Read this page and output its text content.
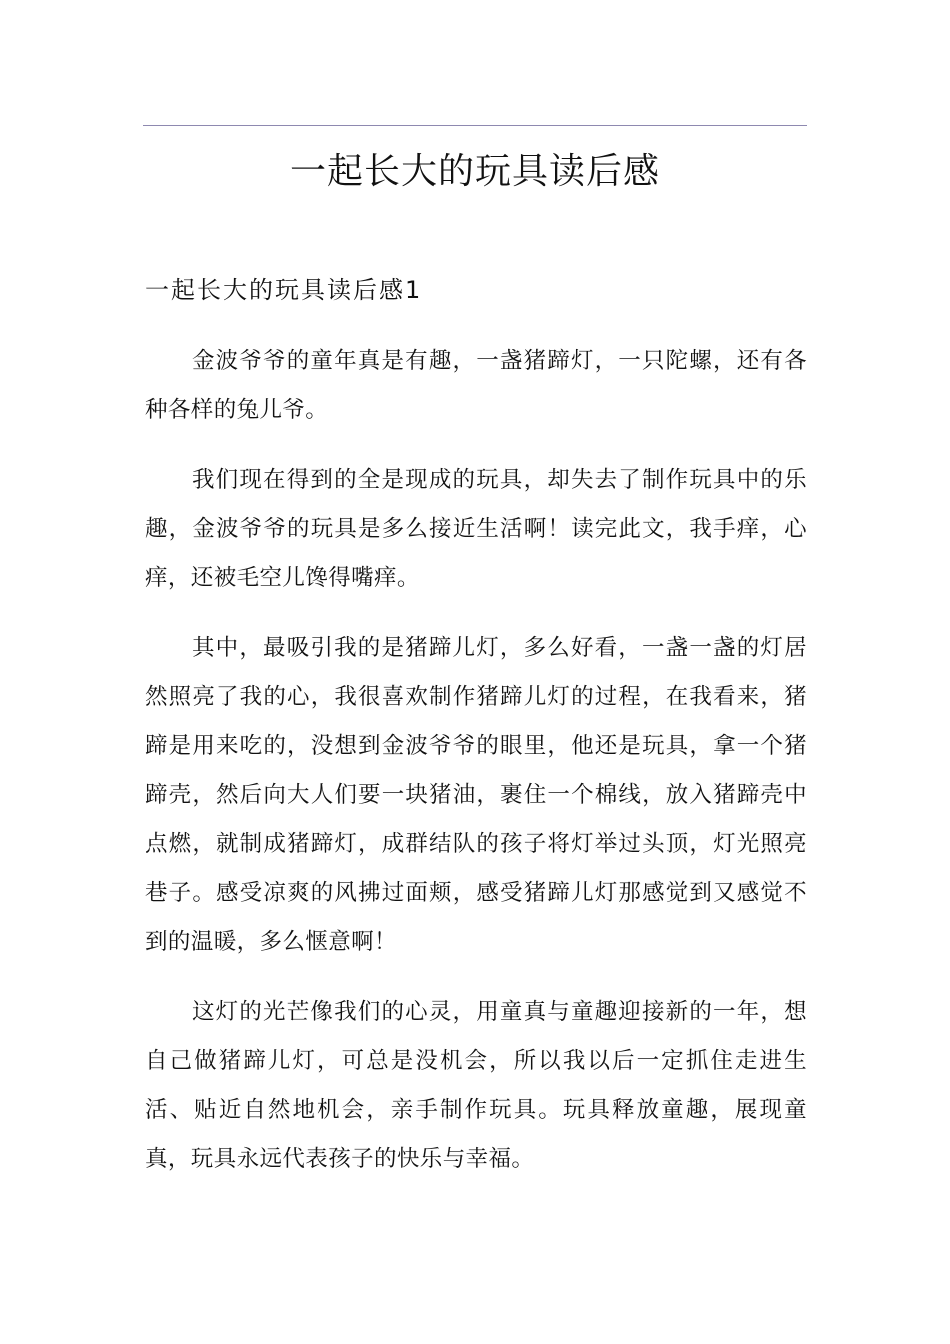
一起长大的玩具读后感
一起长大的玩具读后感1

金波爷爷的童年真是有趣，一盏猪蹄灯，一只陀螺，还有各种各样的兔儿爷。

我们现在得到的全是现成的玩具，却失去了制作玩具中的乐趣，金波爷爷的玩具是多么接近生活啊！读完此文，我手痒，心痒，还被毛空儿馋得嘴痒。

其中，最吸引我的是猪蹄儿灯，多么好看，一盏一盏的灯居然照亮了我的心，我很喜欢制作猪蹄儿灯的过程，在我看来，猪蹄是用来吃的，没想到金波爷爷的眼里，他还是玩具，拿一个猪蹄壳，然后向大人们要一块猪油，裹住一个棉线，放入猪蹄壳中点燃，就制成猪蹄灯，成群结队的孩子将灯举过头顶，灯光照亮巷子。感受凉爽的风拂过面颊，感受猪蹄儿灯那感觉到又感觉不到的温暖，多么惬意啊！

这灯的光芒像我们的心灵，用童真与童趣迎接新的一年，想自己做猪蹄儿灯，可总是没机会，所以我以后一定抓住走进生活、贴近自然地机会，亲手制作玩具。玩具释放童趣，展现童真，玩具永远代表孩子的快乐与幸福。
